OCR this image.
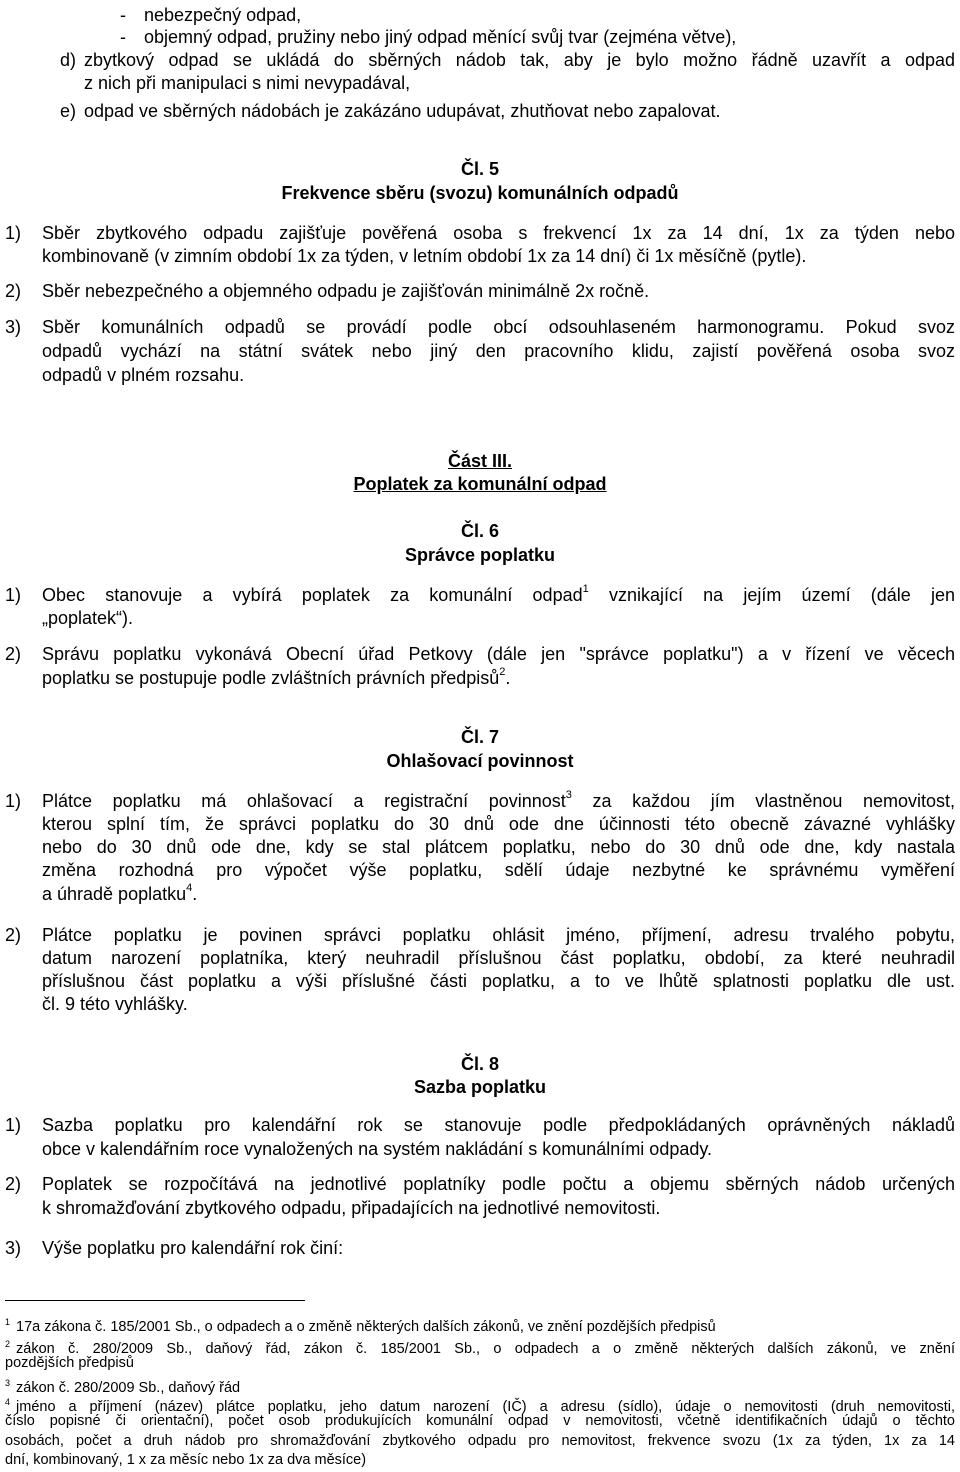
- nebezpečný odpad,
- objemný odpad, pružiny nebo jiný odpad měnící svůj tvar (zejména větve),
d) zbytkový odpad se ukládá do sběrných nádob tak, aby je bylo možno řádně uzavřít a odpad
z nich při manipulaci s nimi nevypadával,
e) odpad ve sběrných nádobách je zakázáno udupávat, zhutňovat nebo zapalovat.
Čl. 5
Frekvence sběru (svozu) komunálních odpadů
1) Sběr zbytkového odpadu zajišťuje pověřená osoba s frekvencí 1x za 14 dní, 1x za týden nebo
kombinovaně (v zimním období 1x za týden, v letním období 1x za 14 dní) či 1x měsíčně (pytle).
2) Sběr nebezpečného a objemného odpadu je zajišťován minimálně 2x ročně.
3) Sběr komunálních odpadů se provádí podle obcí odsouhlaseném harmonogramu. Pokud svoz
odpadů vychází na státní svátek nebo jiný den pracovního klidu, zajistí pověřená osoba svoz
odpadů v plném rozsahu.
Část III.
Poplatek za komunální odpad
Čl. 6
Správce poplatku
1) Obec stanovuje a vybírá poplatek za komunální odpad$^1$ vznikající na jejím území (dále jen
„poplatek“).
2) Správu poplatku vykonává Obecní úřad Petkovy (dále jen "správce poplatku") a v řízení ve věcech
poplatku se postupuje podle zvláštních právních předpisů$^2$.
Čl. 7
Ohlašovací povinnost
1) Plátce poplatku má ohlašovací a registrační povinnost$^3$ za každou jím vlastněnou nemovitost,
kterou splní tím, že správci poplatku do 30 dnů ode dne účinnosti této obecně závazné vyhlášky
nebo do 30 dnů ode dne, kdy se stal plátcem poplatku, nebo do 30 dnů ode dne, kdy nastala
změna rozhodná pro výpočet výše poplatku, sdělí údaje nezbytné ke správnému vyměření
a úhradě poplatku$^4$.
2) Plátce poplatku je povinen správci poplatku ohlásit jméno, příjmení, adresu trvalého pobytu,
datum narození poplatníka, který neuhradil příslušnou část poplatku, období, za které neuhradil
příslušnou část poplatku a výši příslušné části poplatku, a to ve lhůtě splatnosti poplatku dle ust.
čl. 9 této vyhlášky.
Čl. 8
Sazba poplatku
1) Sazba poplatku pro kalendářní rok se stanovuje podle předpokládaných oprávněných nákladů
obce v kalendářním roce vynaložených na systém nakládání s komunálními odpady.
2) Poplatek se rozpočítává na jednotlivé poplatníky podle počtu a objemu sběrných nádob určených
k shromažďování zbytkového odpadu, připadajících na jednotlivé nemovitosti.
3) Výše poplatku pro kalendářní rok činí:
$^1$ 17a zákona č. 185/2001 Sb., o odpadech a o změně některých dalších zákonů, ve znění pozdějších předpisů
$^2$ zákon č. 280/2009 Sb., daňový řád, zákon č. 185/2001 Sb., o odpadech a o změně některých dalších zákonů, ve znění
pozdějších předpisů
$^3$ zákon č. 280/2009 Sb., daňový řád
$^4$ jméno a příjmení (název) plátce poplatku, jeho datum narození (IČ) a adresu (sídlo), údaje o nemovitosti (druh nemovitosti,
číslo popisné či orientační), počet osob produkujících komunální odpad v nemovitosti, včetně identifikačních údajů o těchto
osobách, počet a druh nádob pro shromažďování zbytkového odpadu pro nemovitost, frekvence svozu (1x za týden, 1x za 14
dní, kombinovaný, 1 x za měsíc nebo 1x za dva měsíce)
